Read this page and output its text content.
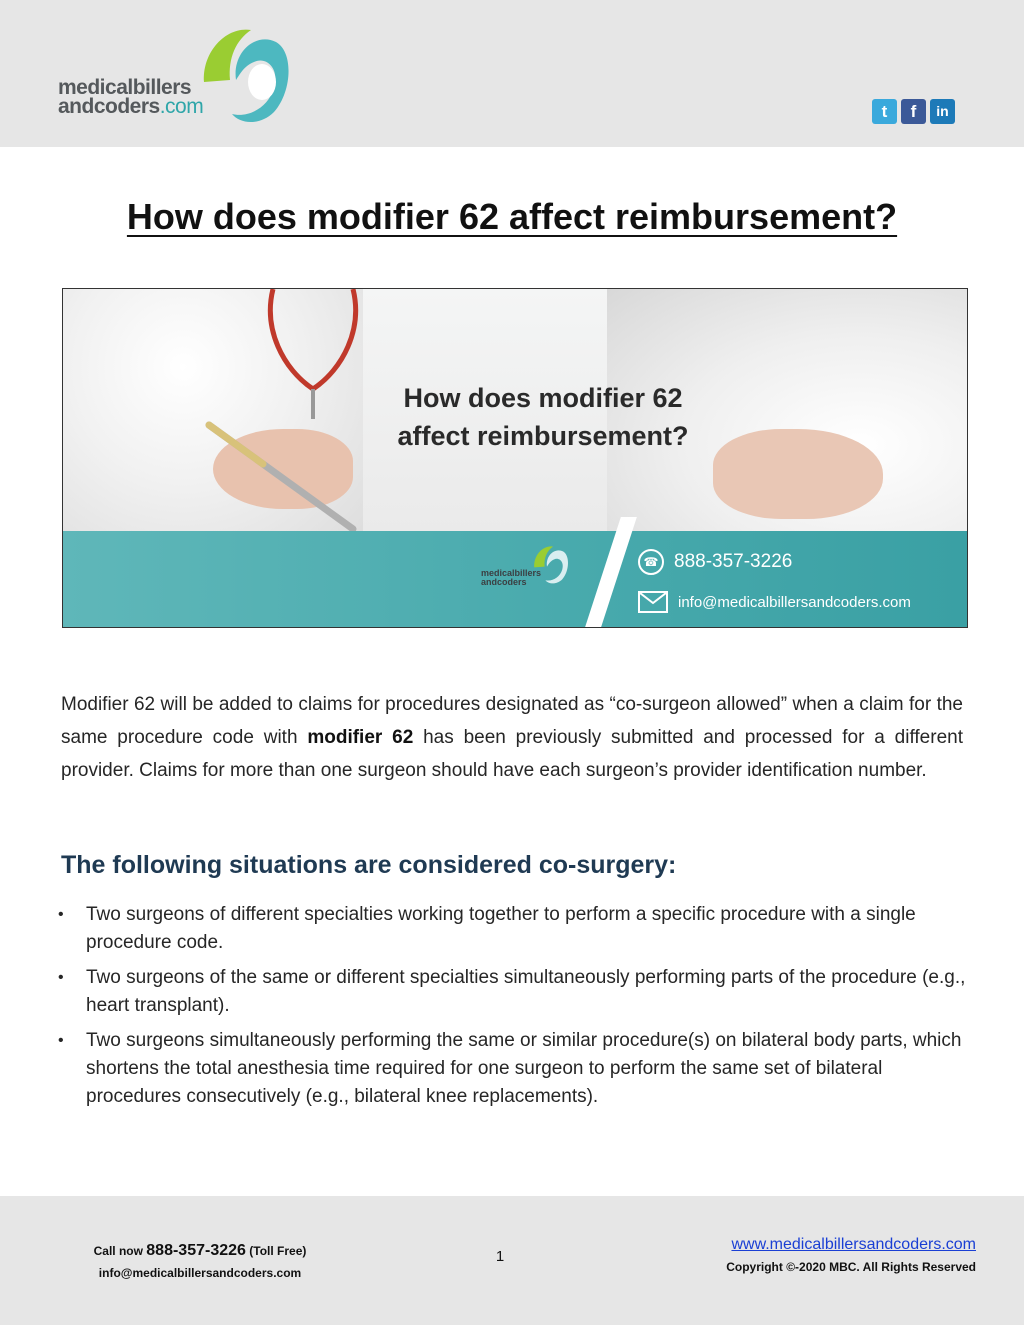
medicalbillers
andcoders.com	t	f	in
How does modifier 62 affect reimbursement?
How does modifier 62
affect reimbursement?
medicalbillers
andcoders
☎ 888-357-3226
info@medicalbillersandcoders.com

Modifier 62 will be added to claims for procedures designated as “co-surgeon allowed” when a claim for the same procedure code with modifier 62 has been previously submitted and processed for a different provider. Claims for more than one surgeon should have each surgeon’s provider identification number.

The following situations are considered co-surgery:
• Two surgeons of different specialties working together to perform a specific procedure with a single procedure code.
• Two surgeons of the same or different specialties simultaneously performing parts of the procedure (e.g., heart transplant).
• Two surgeons simultaneously performing the same or similar procedure(s) on bilateral body parts, which shortens the total anesthesia time required for one surgeon to perform the same set of bilateral procedures consecutively (e.g., bilateral knee replacements).
Call now 888-357-3226 (Toll Free)
info@medicalbillersandcoders.com
1
www.medicalbillersandcoders.com
Copyright ©-2020 MBC. All Rights Reserved
